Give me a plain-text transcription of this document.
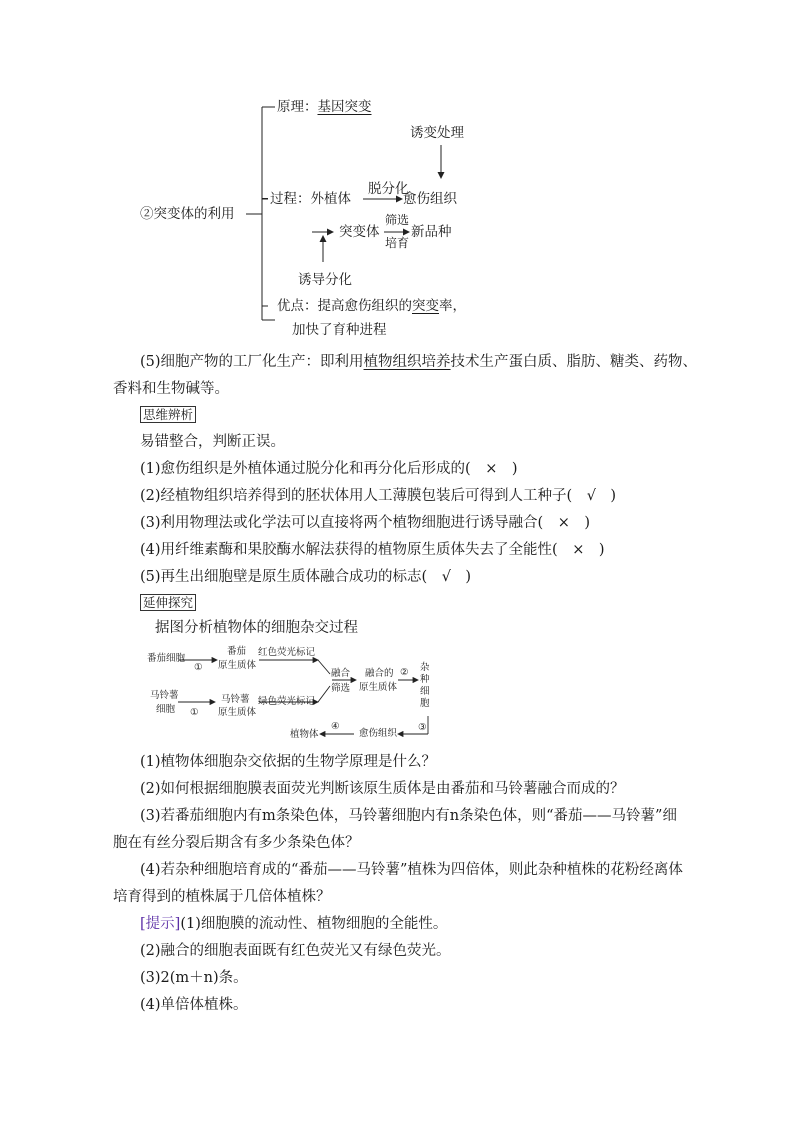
②突变体的利用
原理：基因突变
诱变处理
过程：外植体
脱分化
愈伤组织
突变体
筛选
培育
新品种
诱导分化
优点：提高愈伤组织的突变率，
加快了育种进程
(5)细胞产物的工厂化生产：即利用植物组织培养技术生产蛋白质、脂肪、糖类、药物、
香料和生物碱等。
思维辨析
易错整合，判断正误。
(1)愈伤组织是外植体通过脱分化和再分化后形成的(　×　)
(2)经植物组织培养得到的胚状体用人工薄膜包装后可得到人工种子(　√　)
(3)利用物理法或化学法可以直接将两个植物细胞进行诱导融合(　×　)
(4)用纤维素酶和果胶酶水解法获得的植物原生质体失去了全能性(　×　)
(5)再生出细胞壁是原生质体融合成功的标志(　√　)
延伸探究
据图分析植物体的细胞杂交过程
番茄细胞
①
番茄
原生质体
红色荧光标记
马铃薯
细胞 ①
马铃薯
原生质体
绿色荧光标记
融合
筛选
融合的
原生质体
② 杂
种
细
胞
③
愈伤组织
④
植物体
(1)植物体细胞杂交依据的生物学原理是什么？
(2)如何根据细胞膜表面荧光判断该原生质体是由番茄和马铃薯融合而成的？
(3)若番茄细胞内有m条染色体，马铃薯细胞内有n条染色体，则“番茄——马铃薯”细
胞在有丝分裂后期含有多少条染色体？
(4)若杂种细胞培育成的“番茄——马铃薯”植株为四倍体，则此杂种植株的花粉经离体
培育得到的植株属于几倍体植株？
[提示](1)细胞膜的流动性、植物细胞的全能性。
(2)融合的细胞表面既有红色荧光又有绿色荧光。
(3)2(m＋n)条。
(4)单倍体植株。
